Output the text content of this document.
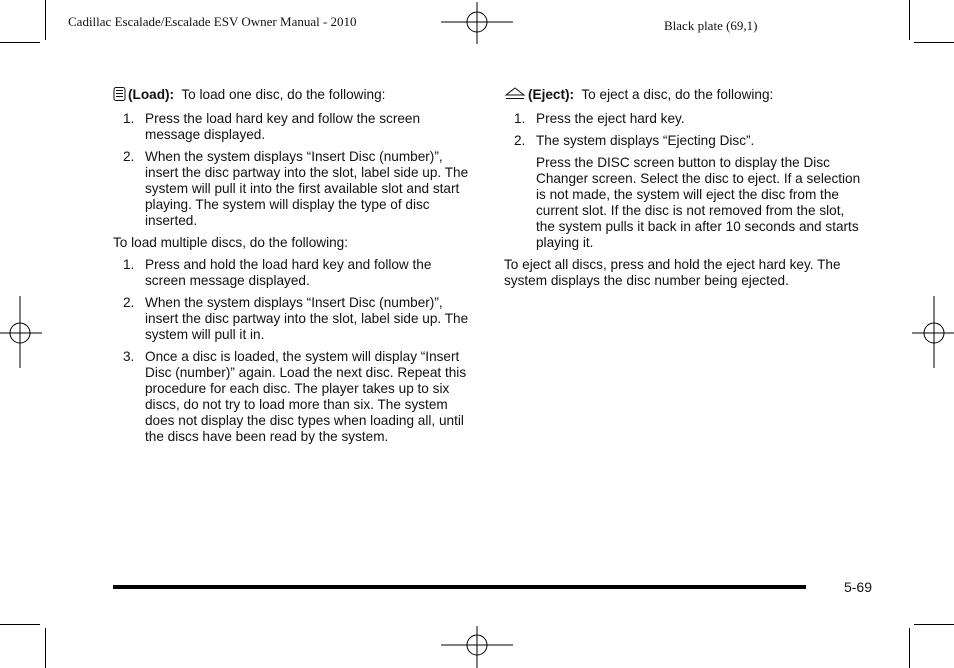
Cadillac Escalade/Escalade ESV Owner Manual - 2010	Black plate (69,1)

(Load): To load one disc, do the following:

1. Press the load hard key and follow the screen message displayed.
2. When the system displays “Insert Disc (number)”, insert the disc partway into the slot, label side up. The system will pull it into the first available slot and start playing. The system will display the type of disc inserted.

To load multiple discs, do the following:

1. Press and hold the load hard key and follow the screen message displayed.
2. When the system displays “Insert Disc (number)”, insert the disc partway into the slot, label side up. The system will pull it in.
3. Once a disc is loaded, the system will display “Insert Disc (number)” again. Load the next disc. Repeat this procedure for each disc. The player takes up to six discs, do not try to load more than six. The system does not display the disc types when loading all, until the discs have been read by the system.

(Eject): To eject a disc, do the following:

1. Press the eject hard key.
2. The system displays “Ejecting Disc”.

Press the DISC screen button to display the Disc Changer screen. Select the disc to eject. If a selection is not made, the system will eject the disc from the current slot. If the disc is not removed from the slot, the system pulls it back in after 10 seconds and starts playing it.

To eject all discs, press and hold the eject hard key. The system displays the disc number being ejected.

5-69
